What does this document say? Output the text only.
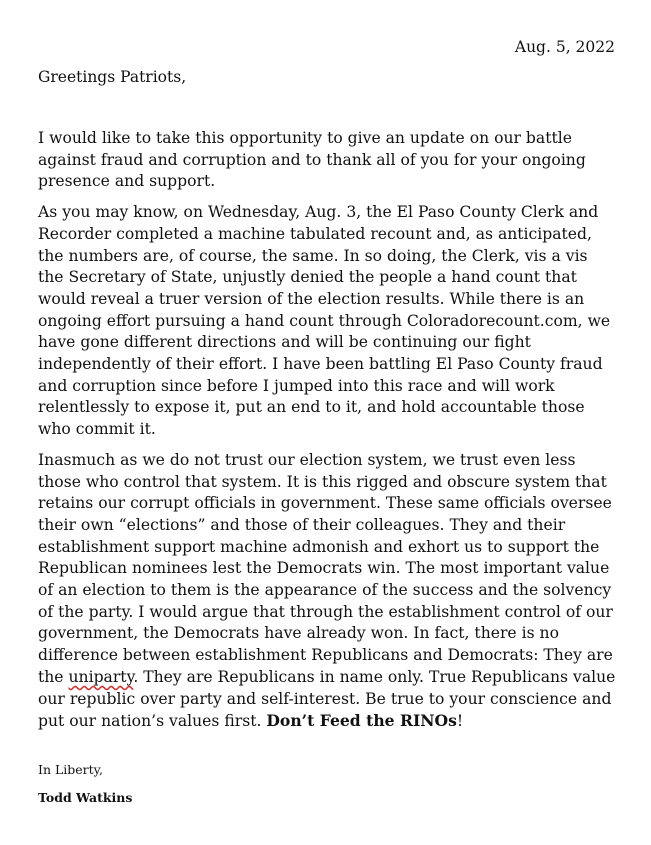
Aug. 5, 2022
Greetings Patriots,

I would like to take this opportunity to give an update on our battle against fraud and corruption and to thank all of you for your ongoing presence and support.

As you may know, on Wednesday, Aug. 3, the El Paso County Clerk and Recorder completed a machine tabulated recount and, as anticipated, the numbers are, of course, the same. In so doing, the Clerk, vis a vis the Secretary of State, unjustly denied the people a hand count that would reveal a truer version of the election results. While there is an ongoing effort pursuing a hand count through Coloradorecount.com, we have gone different directions and will be continuing our fight independently of their effort. I have been battling El Paso County fraud and corruption since before I jumped into this race and will work relentlessly to expose it, put an end to it, and hold accountable those who commit it.

Inasmuch as we do not trust our election system, we trust even less those who control that system. It is this rigged and obscure system that retains our corrupt officials in government. These same officials oversee their own “elections” and those of their colleagues. They and their establishment support machine admonish and exhort us to support the Republican nominees lest the Democrats win. The most important value of an election to them is the appearance of the success and the solvency of the party. I would argue that through the establishment control of our government, the Democrats have already won. In fact, there is no difference between establishment Republicans and Democrats: They are the uniparty. They are Republicans in name only. True Republicans value our republic over party and self-interest. Be true to your conscience and put our nation’s values first. Don’t Feed the RINOs!

In Liberty,
Todd Watkins
